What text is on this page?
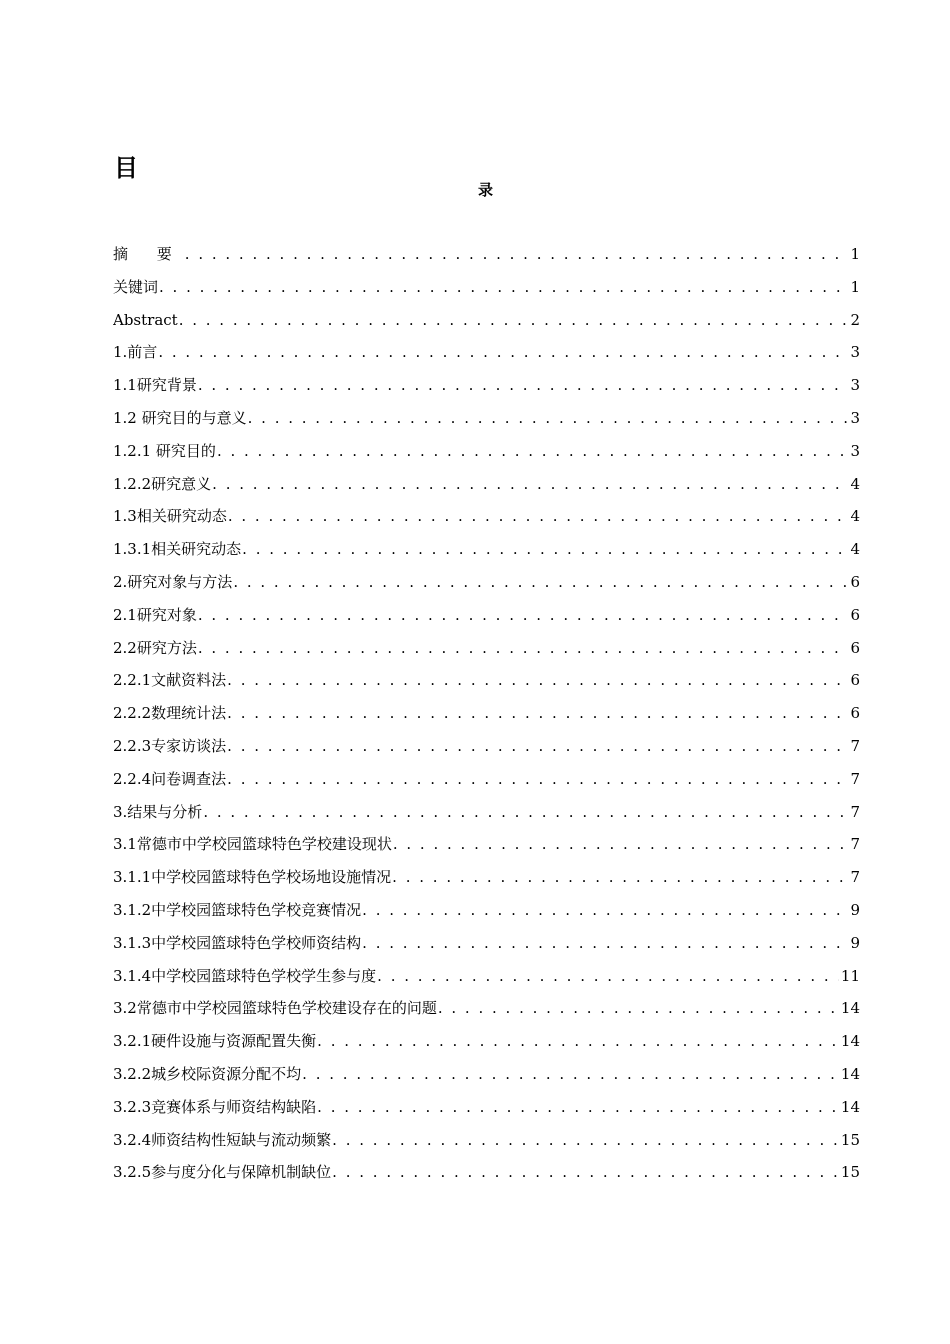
目
录
摘 要 . . .	1
关键词 . . .	1
Abstract . . .	2
1.前言 . . .	3
1.1研究背景 . . .	3
1.2 研究目的与意义 . . .	3
1.2.1 研究目的 . . .	3
1.2.2研究意义 . . .	4
1.3相关研究动态 . . .	4
1.3.1相关研究动态 . . .	4
2.研究对象与方法 . . .	6
2.1研究对象 . . .	6
2.2研究方法 . . .	6
2.2.1文献资料法 . . .	6
2.2.2数理统计法 . . .	6
2.2.3专家访谈法 . . .	7
2.2.4问卷调查法 . . .	7
3.结果与分析 . . .	7
3.1常德市中学校园篮球特色学校建设现状 . . .	7
3.1.1中学校园篮球特色学校场地设施情况 . . .	7
3.1.2中学校园篮球特色学校竞赛情况 . . .	9
3.1.3中学校园篮球特色学校师资结构 . . .	9
3.1.4中学校园篮球特色学校学生参与度 . . .	11
3.2常德市中学校园篮球特色学校建设存在的问题 . . .	14
3.2.1硬件设施与资源配置失衡 . . .	14
3.2.2城乡校际资源分配不均 . . .	14
3.2.3竞赛体系与师资结构缺陷 . . .	14
3.2.4师资结构性短缺与流动频繁 . . .	15
3.2.5参与度分化与保障机制缺位 . . .	15
